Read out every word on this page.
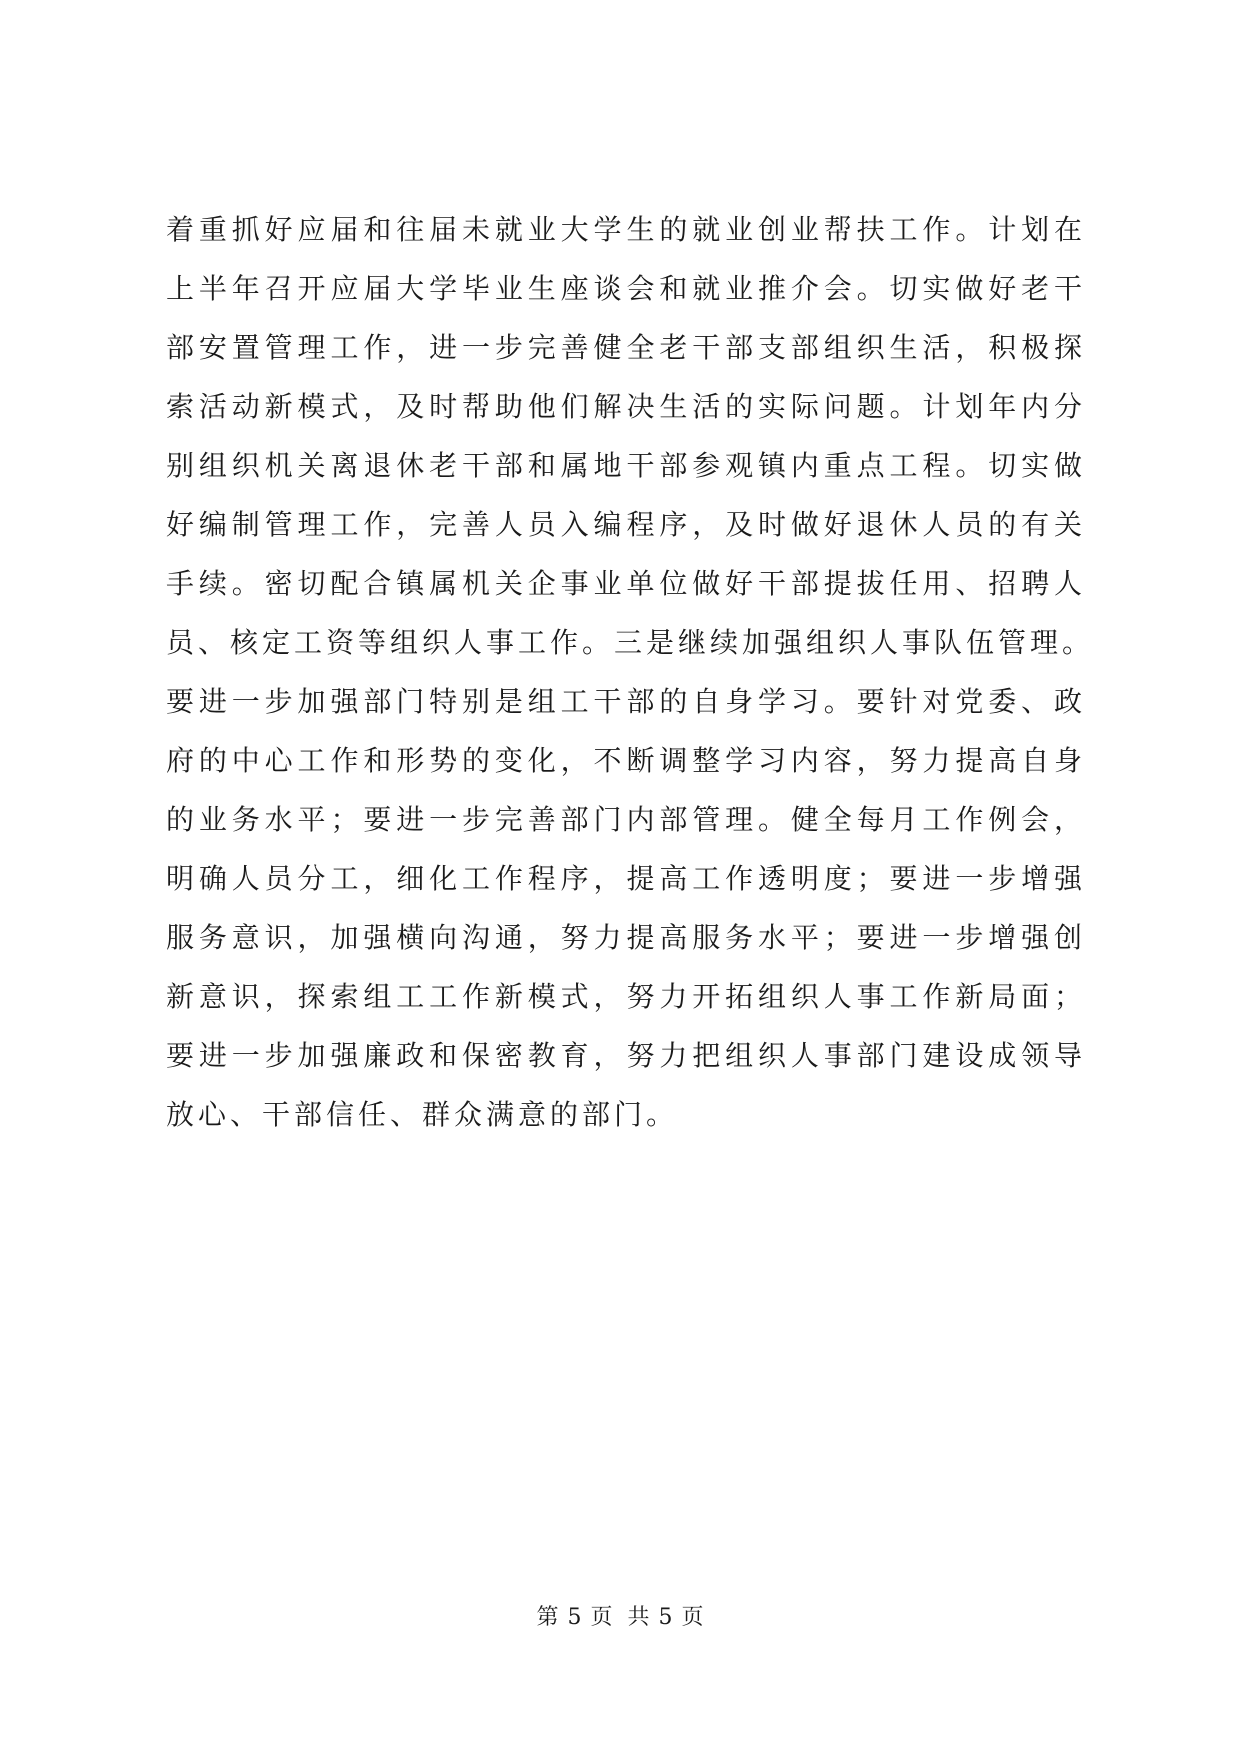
着重抓好应届和往届未就业大学生的就业创业帮扶工作。计划在
上半年召开应届大学毕业生座谈会和就业推介会。切实做好老干
部安置管理工作，进一步完善健全老干部支部组织生活，积极探
索活动新模式，及时帮助他们解决生活的实际问题。计划年内分
别组织机关离退休老干部和属地干部参观镇内重点工程。切实做
好编制管理工作，完善人员入编程序，及时做好退休人员的有关
手续。密切配合镇属机关企事业单位做好干部提拔任用、招聘人
员、核定工资等组织人事工作。三是继续加强组织人事队伍管理。
要进一步加强部门特别是组工干部的自身学习。要针对党委、政
府的中心工作和形势的变化，不断调整学习内容，努力提高自身
的业务水平；要进一步完善部门内部管理。健全每月工作例会，
明确人员分工，细化工作程序，提高工作透明度；要进一步增强
服务意识，加强横向沟通，努力提高服务水平；要进一步增强创
新意识，探索组工工作新模式，努力开拓组织人事工作新局面；
要进一步加强廉政和保密教育，努力把组织人事部门建设成领导
放心、干部信任、群众满意的部门。
第 5 页 共 5 页
